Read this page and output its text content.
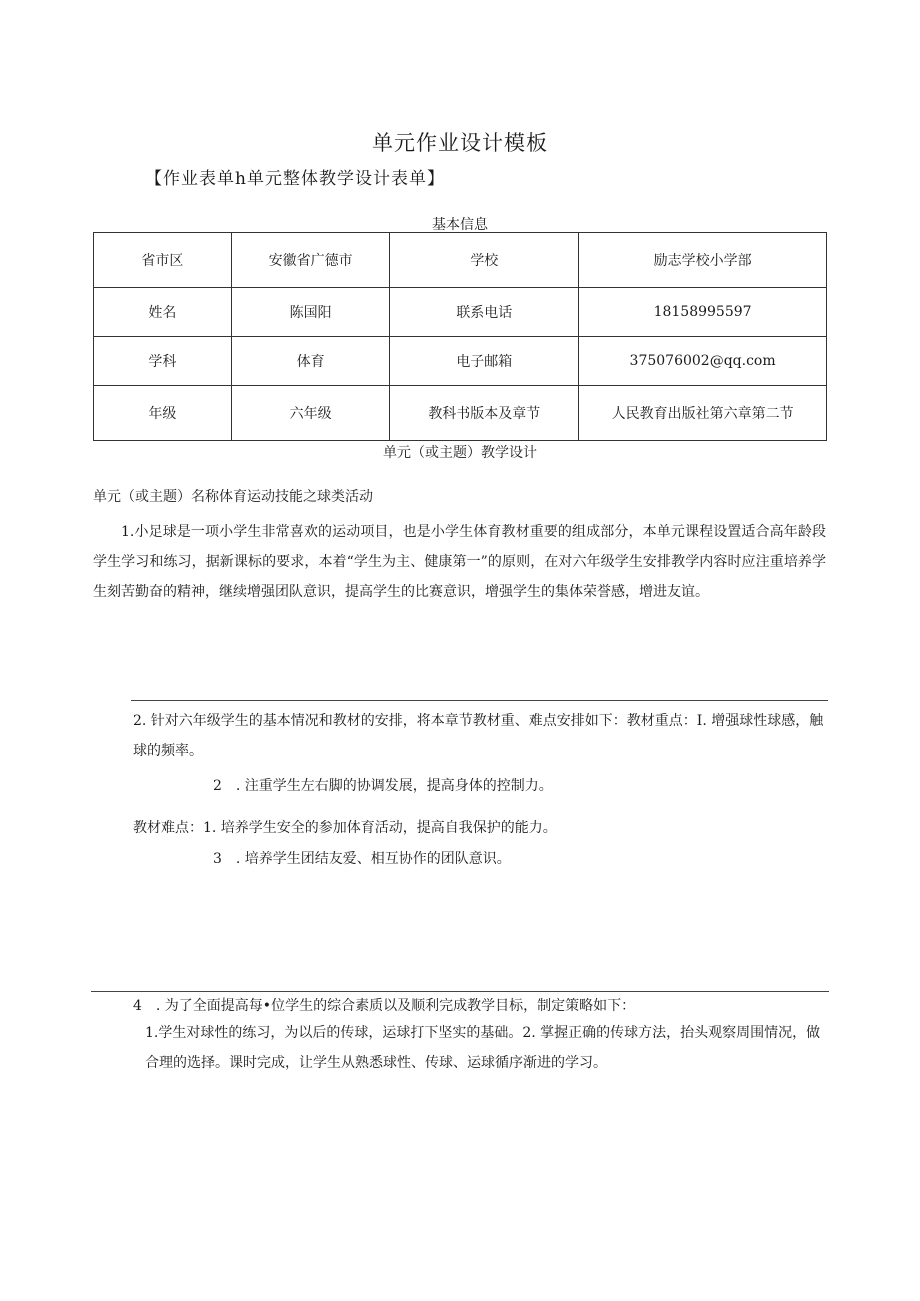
单元作业设计模板
【作业表单h单元整体教学设计表单】
基本信息
省市区	安徽省广德市	学校	励志学校小学部
姓名	陈国阳	联系电话	18158995597
学科	体育	电子邮箱	375076002@qq.com
年级	六年级	教科书版本及章节	人民教育出版社第六章第二节
单元（或主题）教学设计
单元（或主题）名称体育运动技能之球类活动
1.小足球是一项小学生非常喜欢的运动项目，也是小学生体育教材重要的组成部分，本单元课程设置适合高年龄段学生学习和练习，据新课标的要求，本着“学生为主、健康第一”的原则，在对六年级学生安排教学内容时应注重培养学生刻苦勤奋的精神，继续增强团队意识，提高学生的比赛意识，增强学生的集体荣誉感，增进友谊。
2. 针对六年级学生的基本情况和教材的安排，将本章节教材重、难点安排如下：教材重点：I. 增强球性球感，触球的频率。
2　. 注重学生左右脚的协调发展，提高身体的控制力。
教材难点：1. 培养学生安全的参加体育活动，提高自我保护的能力。
3　. 培养学生团结友爱、相互协作的团队意识。
4　. 为了全面提高每•位学生的综合素质以及顺利完成教学目标，制定策略如下：
1.学生对球性的练习，为以后的传球，运球打下坚实的基础。2. 掌握正确的传球方法，抬头观察周围情况，做合理的选择。课时完成，让学生从熟悉球性、传球、运球循序渐进的学习。
